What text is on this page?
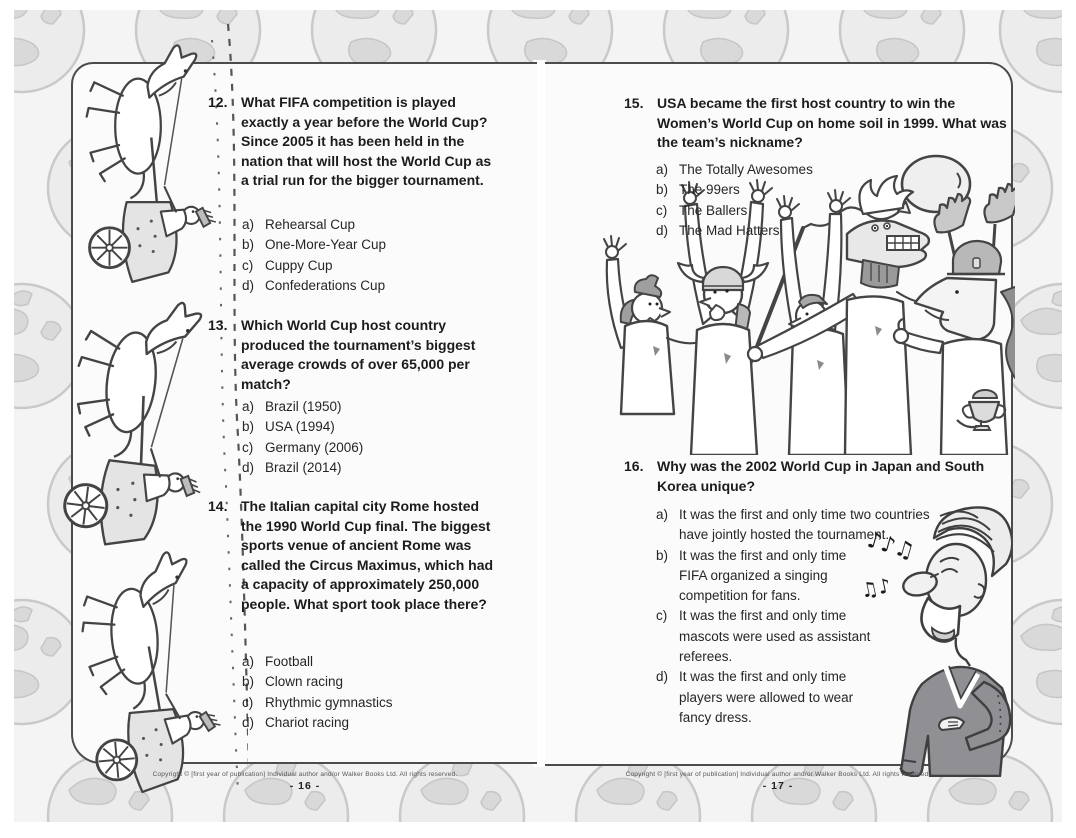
♪♪♫
♫♪
12. What FIFA competition is played exactly a year before the World Cup? Since 2005 it has been held in the nation that will host the World Cup as a trial run for the bigger tournament.
a) Rehearsal Cup
b) One-More-Year Cup
c) Cuppy Cup
d) Confederations Cup
13. Which World Cup host country produced the tournament’s biggest average crowds of over 65,000 per match?
a) Brazil (1950)
b) USA (1994)
c) Germany (2006)
d) Brazil (2014)
14. The Italian capital city Rome hosted the 1990 World Cup final. The biggest sports venue of ancient Rome was called the Circus Maximus, which had a capacity of approximately 250,000 people. What sport took place there?
a) Football
b) Clown racing
c) Rhythmic gymnastics
d) Chariot racing
15. USA became the first host country to win the Women’s World Cup on home soil in 1999. What was the team’s nickname?
a) The Totally Awesomes
b) The 99ers
c) The Ballers
d) The Mad Hatters
16. Why was the 2002 World Cup in Japan and South Korea unique?
a) It was the first and only time two countries have jointly hosted the tournament.
b) It was the first and only time FIFA organized a singing competition for fans.
c) It was the first and only time mascots were used as assistant referees.
d) It was the first and only time players were allowed to wear fancy dress.
Copyright © [first year of publication] Individual author and/or Walker Books Ltd. All rights reserved.
- 16 -
Copyright © [first year of publication] Individual author and/or Walker Books Ltd. All rights reserved.
- 17 -
